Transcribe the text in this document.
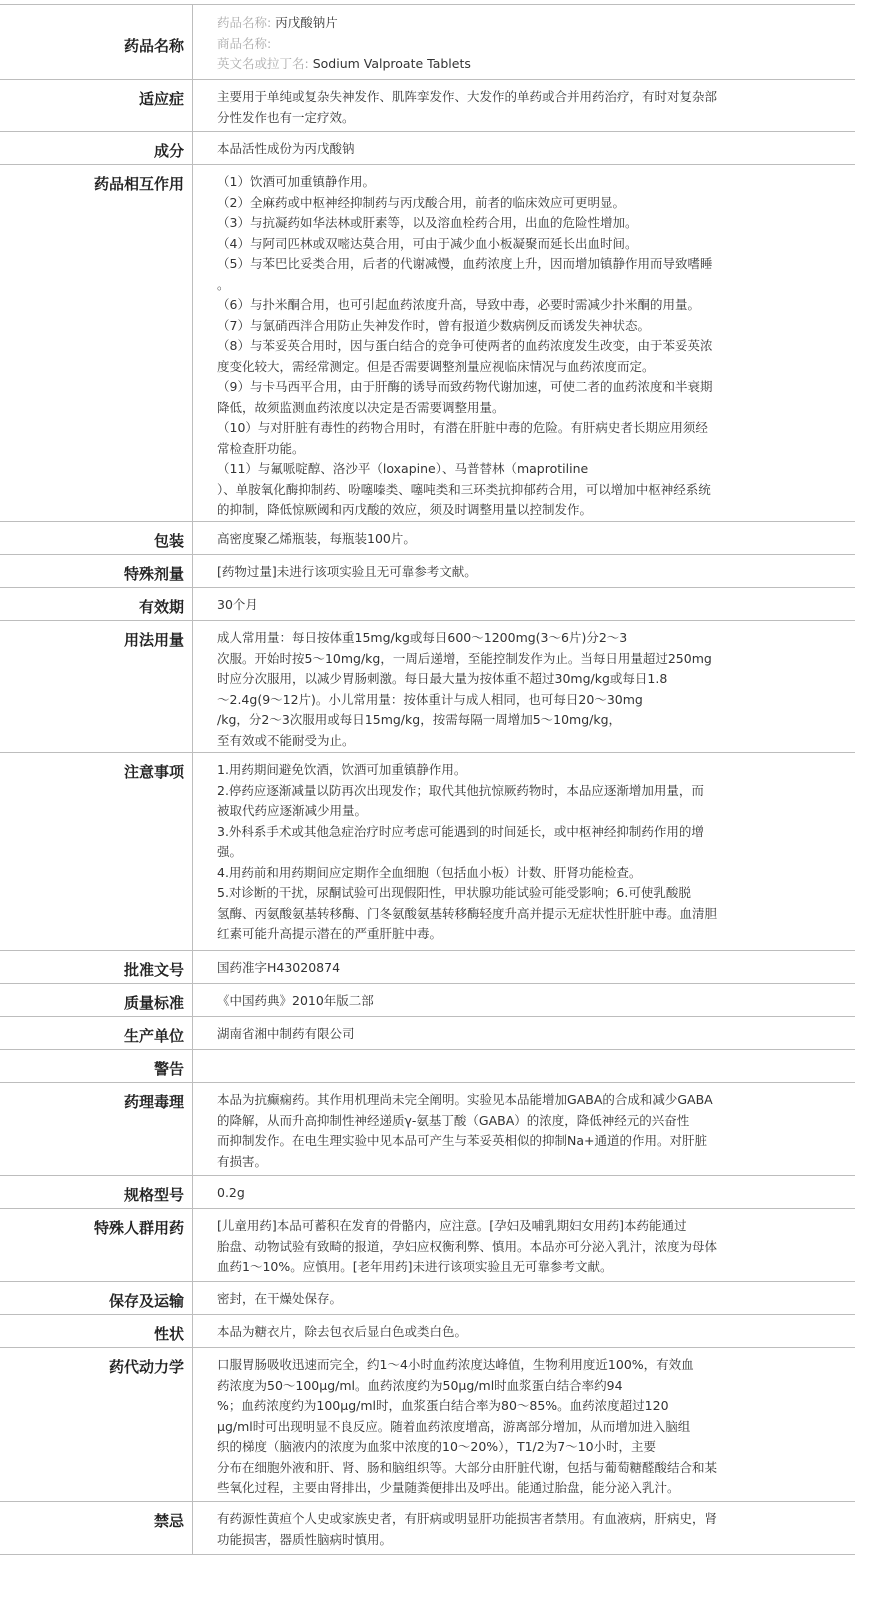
药品名称
药品名称: 丙戊酸钠片
商品名称:
英文名或拉丁名: Sodium Valproate Tablets
适应症	主要用于单纯或复杂失神发作、肌阵挛发作、大发作的单药或合并用药治疗，有时对复杂部
分性发作也有一定疗效。
成分	本品活性成份为丙戊酸钠
药品相互作用	（1）饮酒可加重镇静作用。
（2）全麻药或中枢神经抑制药与丙戊酸合用，前者的临床效应可更明显。
（3）与抗凝药如华法林或肝素等，以及溶血栓药合用，出血的危险性增加。
（4）与阿司匹林或双嘧达莫合用，可由于减少血小板凝聚而延长出血时间。
（5）与苯巴比妥类合用，后者的代谢减慢，血药浓度上升，因而增加镇静作用而导致嗜睡
。
（6）与扑米酮合用，也可引起血药浓度升高，导致中毒，必要时需减少扑米酮的用量。
（7）与氯硝西泮合用防止失神发作时，曾有报道少数病例反而诱发失神状态。
（8）与苯妥英合用时，因与蛋白结合的竞争可使两者的血药浓度发生改变，由于苯妥英浓
度变化较大，需经常测定。但是否需要调整剂量应视临床情况与血药浓度而定。
（9）与卡马西平合用，由于肝酶的诱导而致药物代谢加速，可使二者的血药浓度和半衰期
降低，故须监测血药浓度以决定是否需要调整用量。
（10）与对肝脏有毒性的药物合用时，有潜在肝脏中毒的危险。有肝病史者长期应用须经
常检查肝功能。
（11）与氟哌啶醇、洛沙平（loxapine）、马普替林（maprotiline
）、单胺氧化酶抑制药、吩噻嗪类、噻吨类和三环类抗抑郁药合用，可以增加中枢神经系统
的抑制，降低惊厥阈和丙戊酸的效应，须及时调整用量以控制发作。
包装	高密度聚乙烯瓶装，每瓶装100片。
特殊剂量	[药物过量]未进行该项实验且无可靠参考文献。
有效期	30个月
用法用量	成人常用量：每日按体重15mg/kg或每日600～1200mg(3～6片)分2～3
次服。开始时按5～10mg/kg，一周后递增，至能控制发作为止。当每日用量超过250mg
时应分次服用，以减少胃肠刺激。每日最大量为按体重不超过30mg/kg或每日1.8
～2.4g(9～12片)。小儿常用量：按体重计与成人相同，也可每日20～30mg
/kg，分2～3次服用或每日15mg/kg，按需每隔一周增加5～10mg/kg，
至有效或不能耐受为止。
注意事项	1.用药期间避免饮酒，饮酒可加重镇静作用。
2.停药应逐渐减量以防再次出现发作；取代其他抗惊厥药物时，本品应逐渐增加用量，而
被取代药应逐渐减少用量。
3.外科系手术或其他急症治疗时应考虑可能遇到的时间延长，或中枢神经抑制药作用的增
强。
4.用药前和用药期间应定期作全血细胞（包括血小板）计数、肝肾功能检查。
5.对诊断的干扰，尿酮试验可出现假阳性，甲状腺功能试验可能受影响；6.可使乳酸脱
氢酶、丙氨酸氨基转移酶、门冬氨酸氨基转移酶轻度升高并提示无症状性肝脏中毒。血清胆
红素可能升高提示潜在的严重肝脏中毒。
批准文号	国药准字H43020874
质量标准	《中国药典》2010年版二部
生产单位	湖南省湘中制药有限公司
警告
药理毒理	本品为抗癫痫药。其作用机理尚未完全阐明。实验见本品能增加GABA的合成和减少GABA
的降解，从而升高抑制性神经递质γ-氨基丁酸（GABA）的浓度，降低神经元的兴奋性
而抑制发作。在电生理实验中见本品可产生与苯妥英相似的抑制Na+通道的作用。对肝脏
有损害。
规格型号	0.2g
特殊人群用药	[儿童用药]本品可蓄积在发育的骨骼内，应注意。[孕妇及哺乳期妇女用药]本药能通过
胎盘、动物试验有致畸的报道，孕妇应权衡利弊、慎用。本品亦可分泌入乳汁，浓度为母体
血药1～10%。应慎用。[老年用药]未进行该项实验且无可靠参考文献。
保存及运输	密封，在干燥处保存。
性状	本品为糖衣片，除去包衣后显白色或类白色。
药代动力学	口服胃肠吸收迅速而完全，约1～4小时血药浓度达峰值，生物利用度近100%，有效血
药浓度为50～100μg/ml。血药浓度约为50μg/ml时血浆蛋白结合率约94
%；血药浓度约为100μg/ml时，血浆蛋白结合率为80～85%。血药浓度超过120
μg/ml时可出现明显不良反应。随着血药浓度增高，游离部分增加，从而增加进入脑组
织的梯度（脑液内的浓度为血浆中浓度的10～20%），T1/2为7～10小时，主要
分布在细胞外液和肝、肾、肠和脑组织等。大部分由肝脏代谢，包括与葡萄糖醛酸结合和某
些氧化过程，主要由肾排出，少量随粪便排出及呼出。能通过胎盘，能分泌入乳汁。
禁忌	有药源性黄疸个人史或家族史者，有肝病或明显肝功能损害者禁用。有血液病，肝病史，肾
功能损害，器质性脑病时慎用。
